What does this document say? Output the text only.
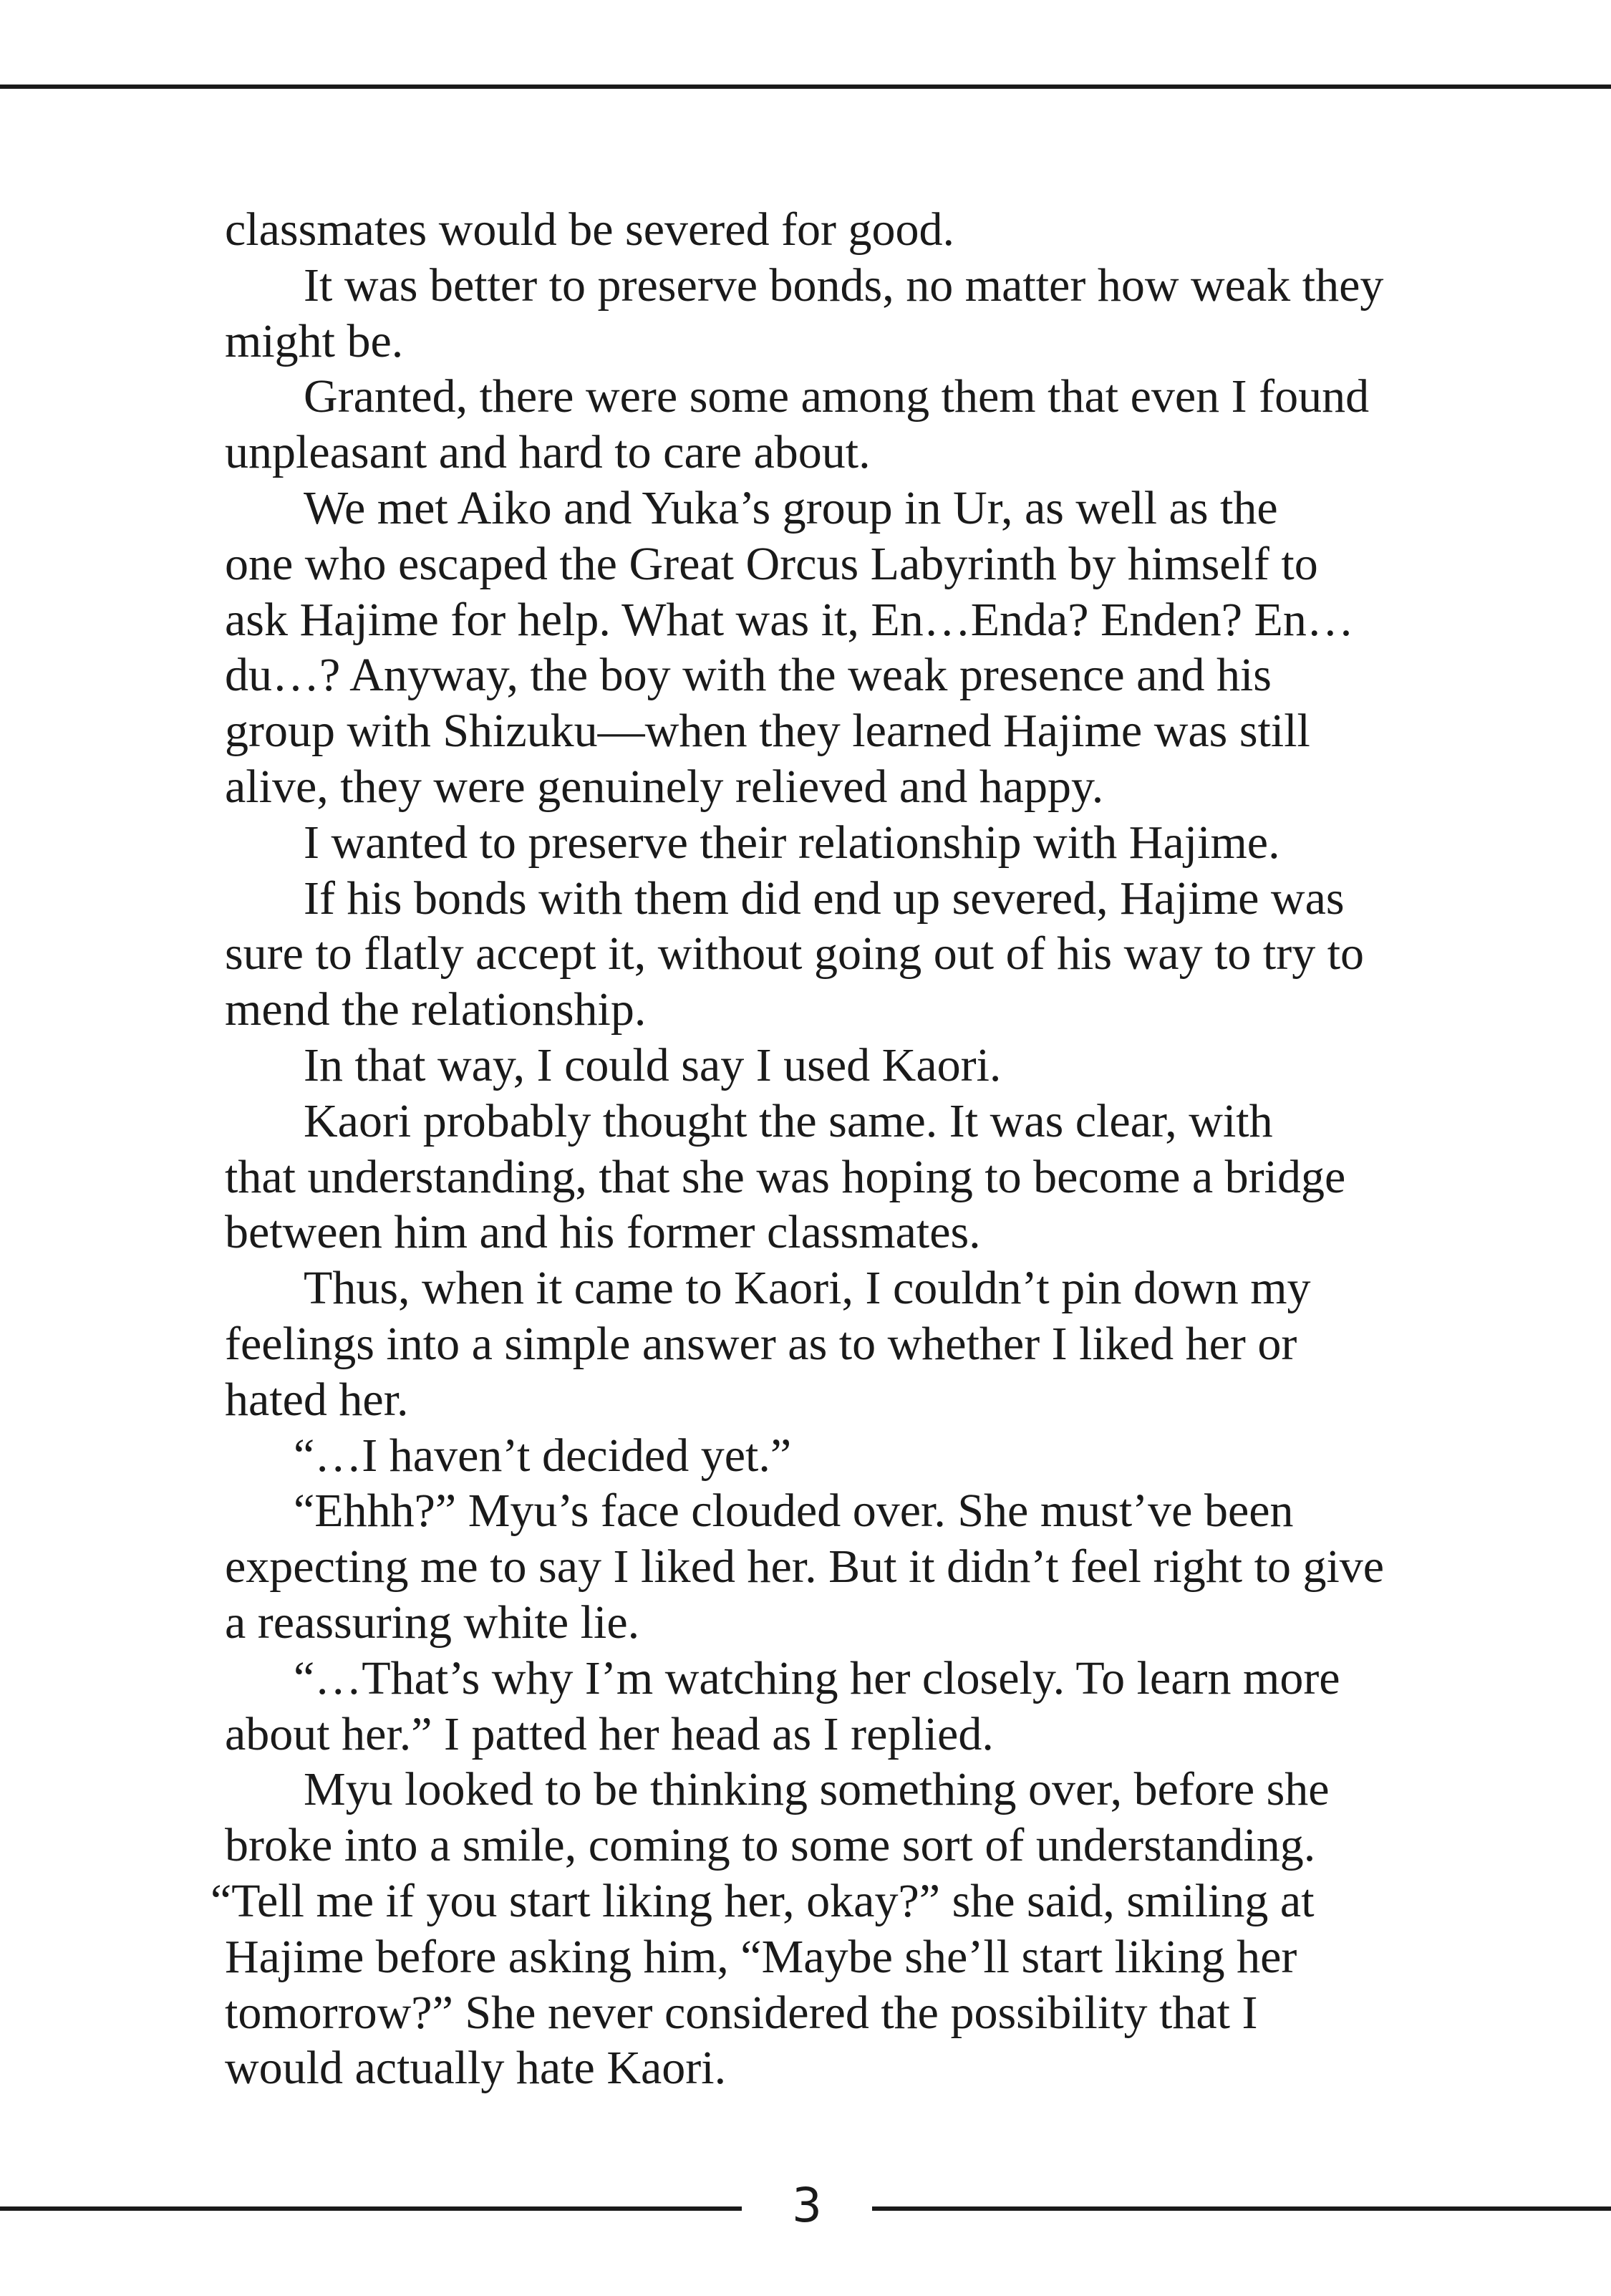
classmates would be severed for good.
It was better to preserve bonds, no matter how weak they
might be.
Granted, there were some among them that even I found
unpleasant and hard to care about.
We met Aiko and Yuka’s group in Ur, as well as the
one who escaped the Great Orcus Labyrinth by himself to
ask Hajime for help. What was it, En…Enda? Enden? En…
du…? Anyway, the boy with the weak presence and his
group with Shizuku—when they learned Hajime was still
alive, they were genuinely relieved and happy.
I wanted to preserve their relationship with Hajime.
If his bonds with them did end up severed, Hajime was
sure to flatly accept it, without going out of his way to try to
mend the relationship.
In that way, I could say I used Kaori.
Kaori probably thought the same. It was clear, with
that understanding, that she was hoping to become a bridge
between him and his former classmates.
Thus, when it came to Kaori, I couldn’t pin down my
feelings into a simple answer as to whether I liked her or
hated her.
“…I haven’t decided yet.”
“Ehhh?” Myu’s face clouded over. She must’ve been
expecting me to say I liked her. But it didn’t feel right to give
a reassuring white lie.
“…That’s why I’m watching her closely. To learn more
about her.” I patted her head as I replied.
Myu looked to be thinking something over, before she
broke into a smile, coming to some sort of understanding.
“Tell me if you start liking her, okay?” she said, smiling at
Hajime before asking him, “Maybe she’ll start liking her
tomorrow?” She never considered the possibility that I
would actually hate Kaori.
3
